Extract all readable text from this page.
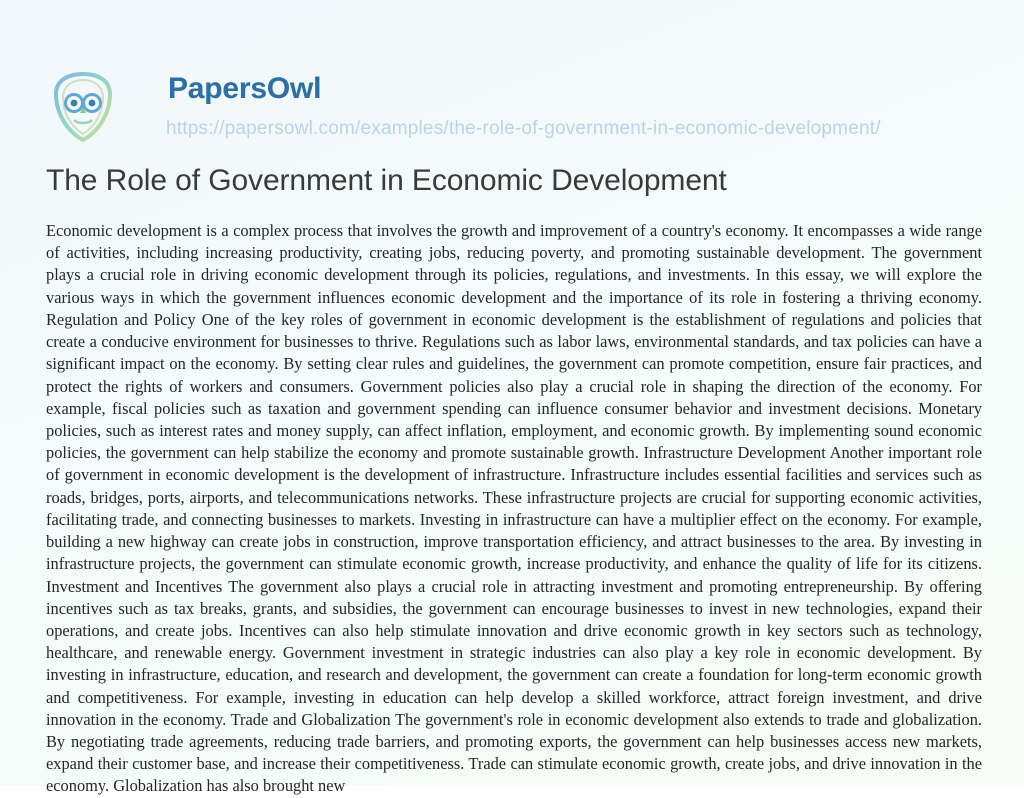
PapersOwl
https://papersowl.com/examples/the-role-of-government-in-economic-development/
The Role of Government in Economic Development

Economic development is a complex process that involves the growth and improvement of a country's economy. It encompasses a wide range of activities, including increasing productivity, creating jobs, reducing poverty, and promoting sustainable development. The government plays a crucial role in driving economic development through its policies, regulations, and investments. In this essay, we will explore the various ways in which the government influences economic development and the importance of its role in fostering a thriving economy. Regulation and Policy One of the key roles of government in economic development is the establishment of regulations and policies that create a conducive environment for businesses to thrive. Regulations such as labor laws, environmental standards, and tax policies can have a significant impact on the economy. By setting clear rules and guidelines, the government can promote competition, ensure fair practices, and protect the rights of workers and consumers. Government policies also play a crucial role in shaping the direction of the economy. For example, fiscal policies such as taxation and government spending can influence consumer behavior and investment decisions. Monetary policies, such as interest rates and money supply, can affect inflation, employment, and economic growth. By implementing sound economic policies, the government can help stabilize the economy and promote sustainable growth. Infrastructure Development Another important role of government in economic development is the development of infrastructure. Infrastructure includes essential facilities and services such as roads, bridges, ports, airports, and telecommunications networks. These infrastructure projects are crucial for supporting economic activities, facilitating trade, and connecting businesses to markets. Investing in infrastructure can have a multiplier effect on the economy. For example, building a new highway can create jobs in construction, improve transportation efficiency, and attract businesses to the area. By investing in infrastructure projects, the government can stimulate economic growth, increase productivity, and enhance the quality of life for its citizens. Investment and Incentives The government also plays a crucial role in attracting investment and promoting entrepreneurship. By offering incentives such as tax breaks, grants, and subsidies, the government can encourage businesses to invest in new technologies, expand their operations, and create jobs. Incentives can also help stimulate innovation and drive economic growth in key sectors such as technology, healthcare, and renewable energy. Government investment in strategic industries can also play a key role in economic development. By investing in infrastructure, education, and research and development, the government can create a foundation for long-term economic growth and competitiveness. For example, investing in education can help develop a skilled workforce, attract foreign investment, and drive innovation in the economy. Trade and Globalization The government's role in economic development also extends to trade and globalization. By negotiating trade agreements, reducing trade barriers, and promoting exports, the government can help businesses access new markets, expand their customer base, and increase their competitiveness. Trade can stimulate economic growth, create jobs, and drive innovation in the economy. Globalization has also brought new
